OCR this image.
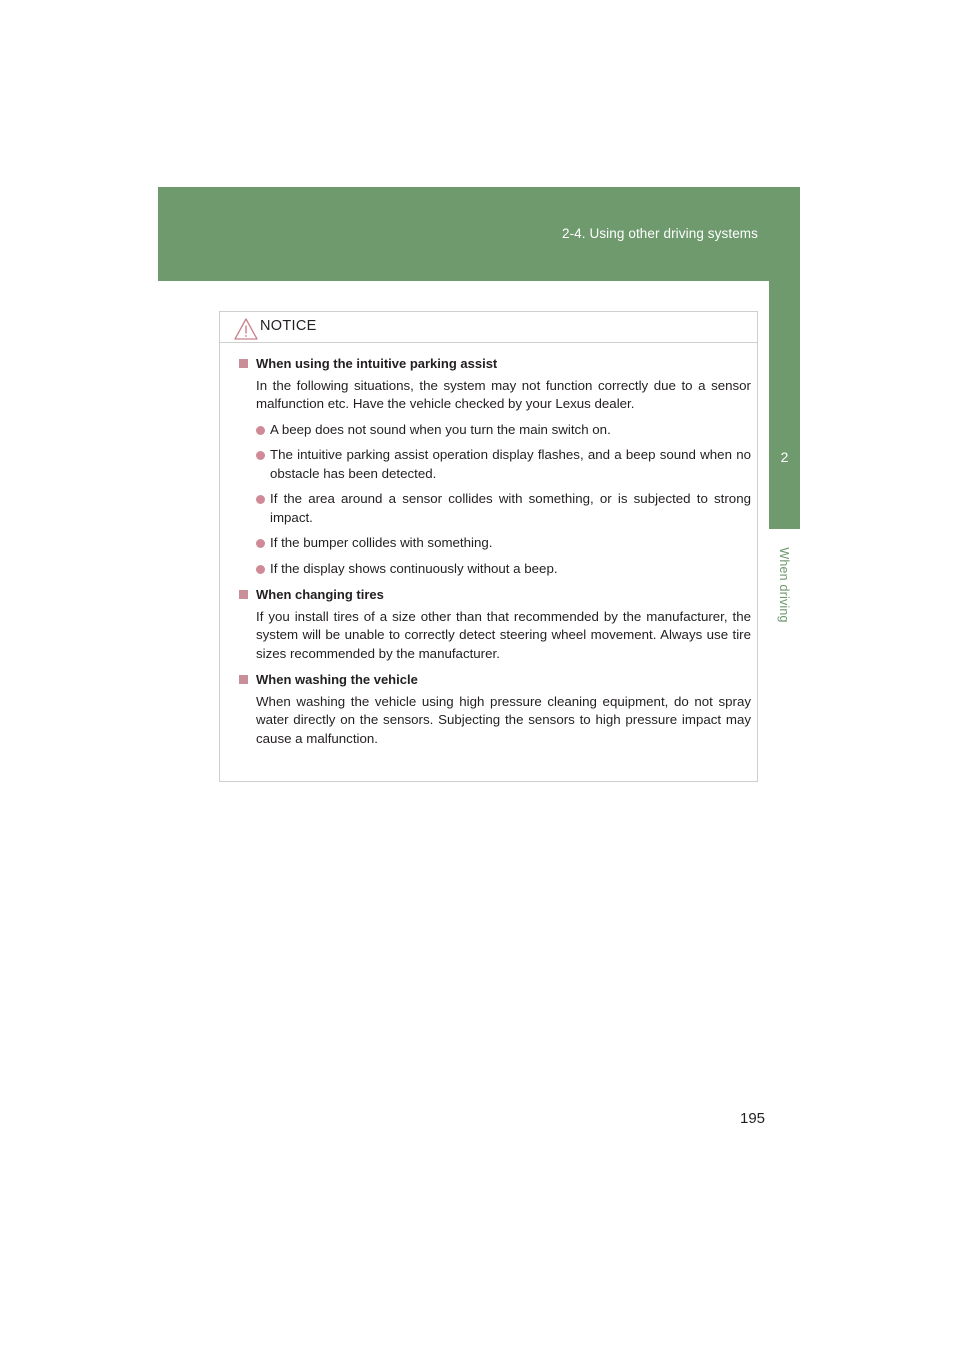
2-4. Using other driving systems
2
When driving
NOTICE
When using the intuitive parking assist
In the following situations, the system may not function correctly due to a sensor malfunction etc. Have the vehicle checked by your Lexus dealer.
A beep does not sound when you turn the main switch on.
The intuitive parking assist operation display flashes, and a beep sound when no obstacle has been detected.
If the area around a sensor collides with something, or is subjected to strong impact.
If the bumper collides with something.
If the display shows continuously without a beep.
When changing tires
If you install tires of a size other than that recommended by the manufacturer, the system will be unable to correctly detect steering wheel movement. Always use tire sizes recommended by the manufacturer.
When washing the vehicle
When washing the vehicle using high pressure cleaning equipment, do not spray water directly on the sensors. Subjecting the sensors to high pressure impact may cause a malfunction.
195
